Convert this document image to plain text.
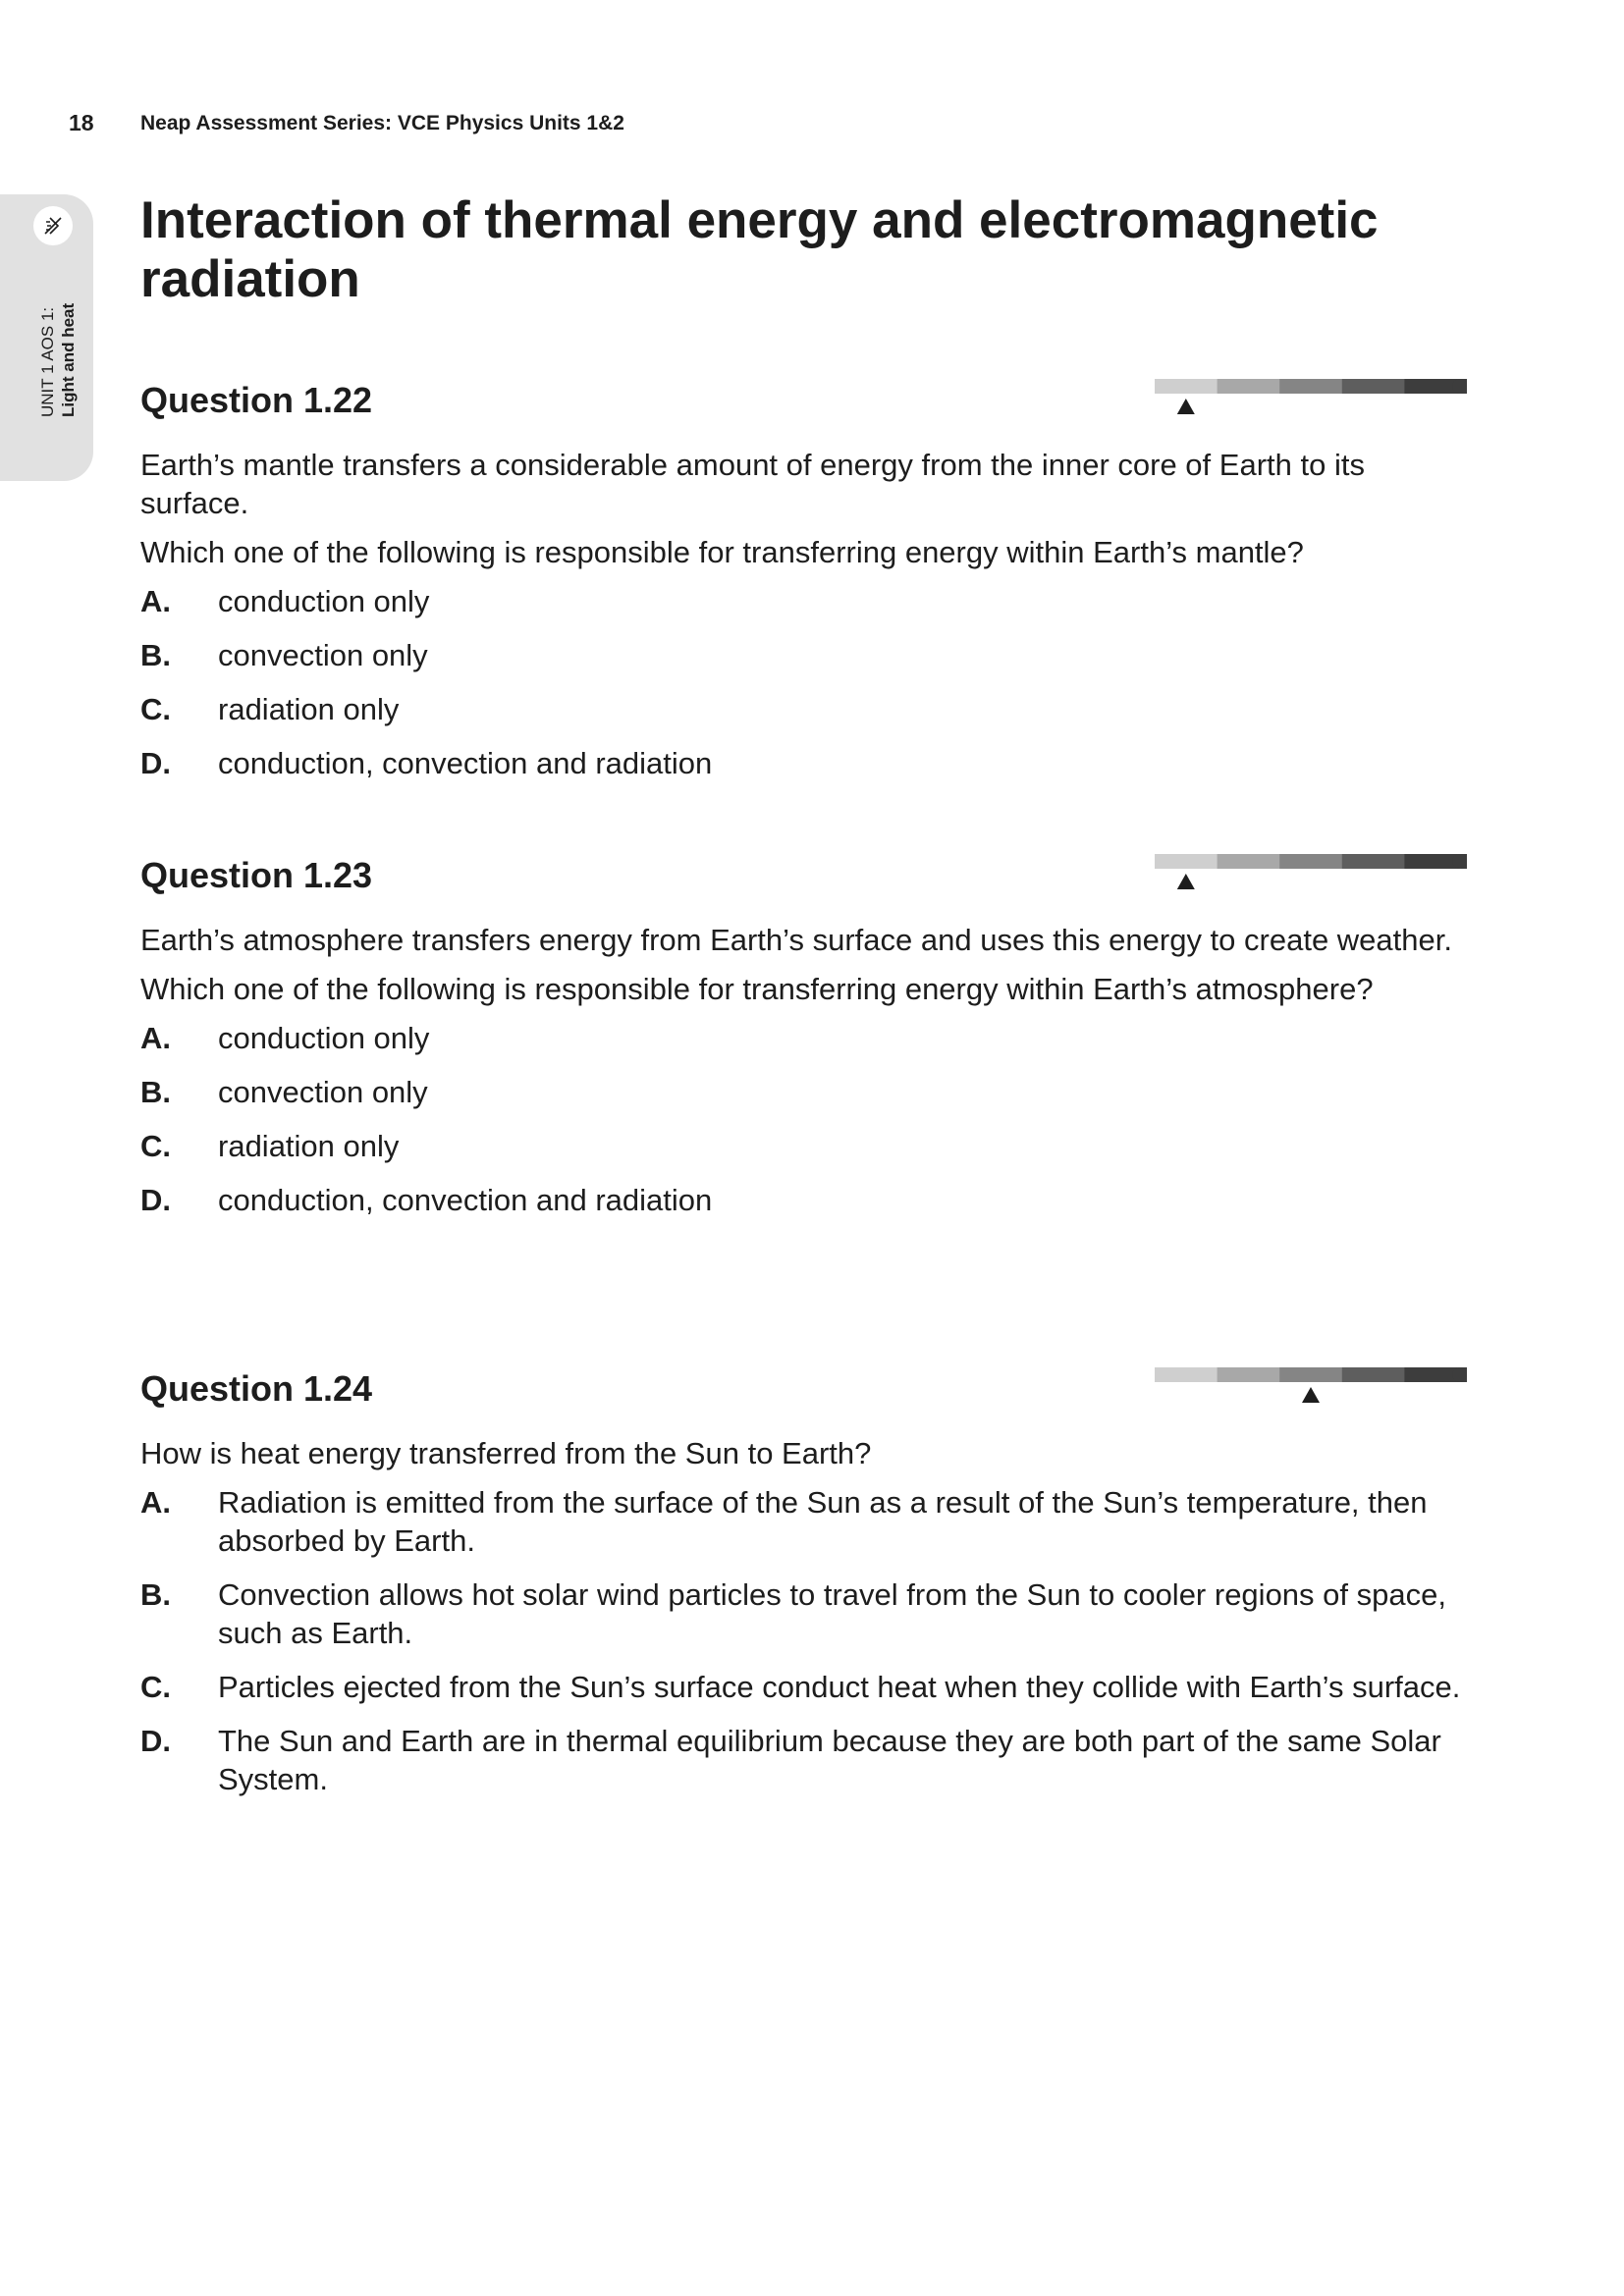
18 Neap Assessment Series: VCE Physics Units 1&2
UNIT 1 AOS 1: Light and heat
Interaction of thermal energy and electromagnetic radiation
Question 1.22

Earth’s mantle transfers a considerable amount of energy from the inner core of Earth to its surface.

Which one of the following is responsible for transferring energy within Earth’s mantle?

A.	conduction only
B.	convection only
C.	radiation only
D.	conduction, convection and radiation
Question 1.23

Earth’s atmosphere transfers energy from Earth’s surface and uses this energy to create weather.

Which one of the following is responsible for transferring energy within Earth’s atmosphere?

A.	conduction only
B.	convection only
C.	radiation only
D.	conduction, convection and radiation
Question 1.24

How is heat energy transferred from the Sun to Earth?

A.	Radiation is emitted from the surface of the Sun as a result of the Sun’s temperature, then absorbed by Earth.
B.	Convection allows hot solar wind particles to travel from the Sun to cooler regions of space, such as Earth.
C.	Particles ejected from the Sun’s surface conduct heat when they collide with Earth’s surface.
D.	The Sun and Earth are in thermal equilibrium because they are both part of the same Solar System.
